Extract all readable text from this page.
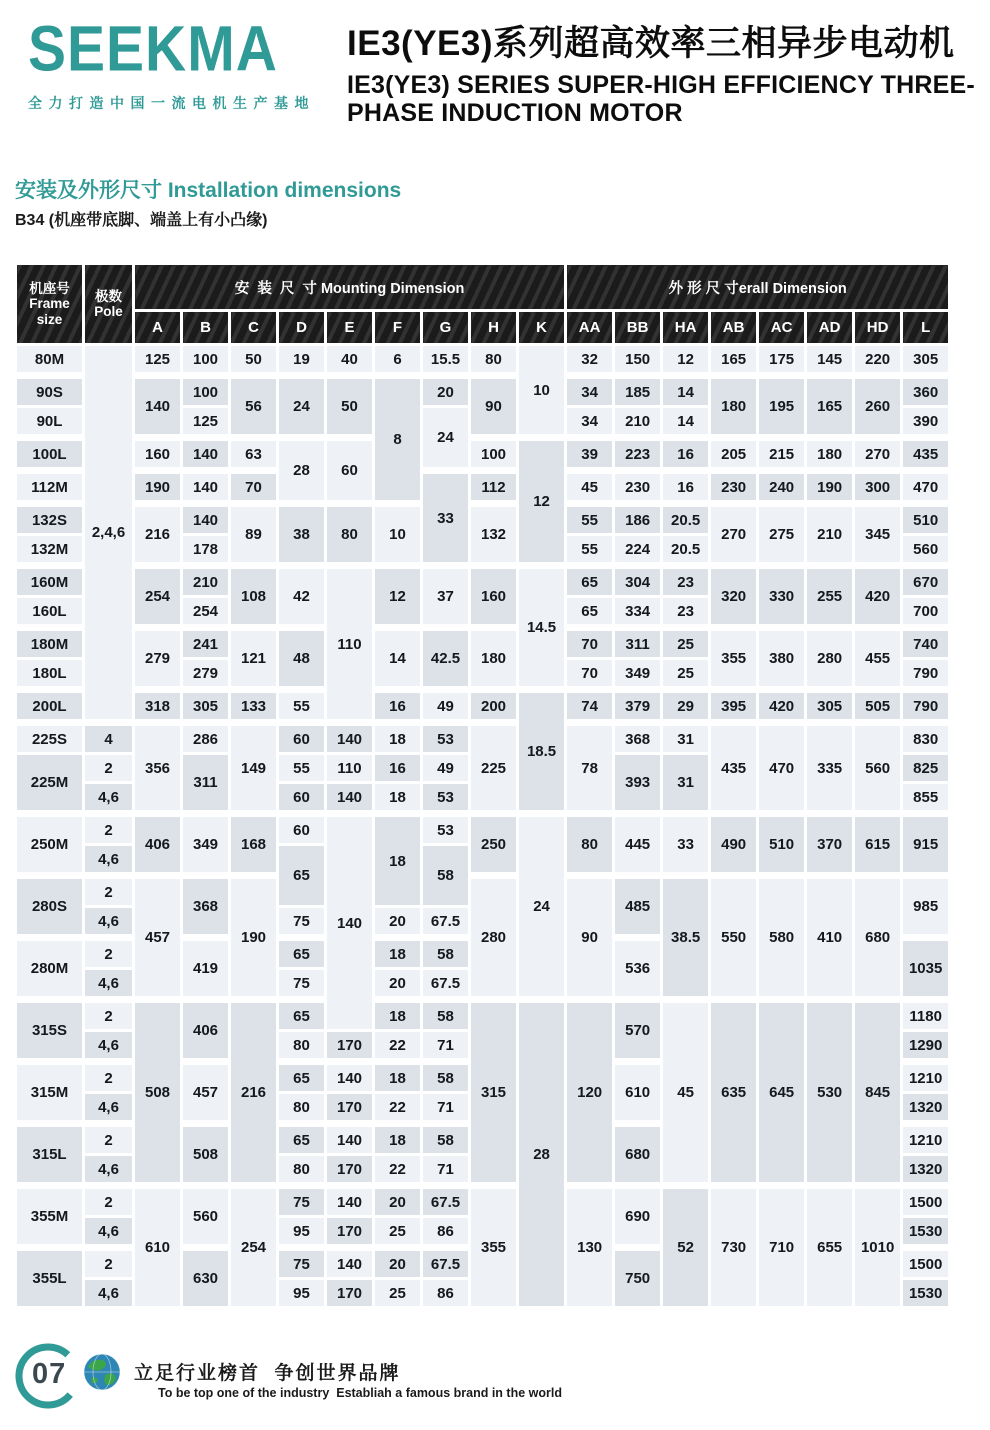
SEEKMA
全力打造中国一流电机生产基地
IE3(YE3)系列超高效率三相异步电动机
IE3(YE3) SERIES SUPER-HIGH EFFICIENCY THREE-
PHASE INDUCTION MOTOR
安装及外形尺寸 Installation dimensions
B34 (机座带底脚、端盖上有小凸缘)
机座号
Frame
size

极数
Pole
	安  装  尺  寸 Mounting Dimension	外 形 尺 寸erall Dimension
		A	B	C	D	E	F	G	H	K	AA	BB	HA	AB	AC	AD	HD	L
80M	2,4,6	125	100	50	19	40	6	15.5	80	10	32	150	12	165	175	145	220	305
90S		140	100	56	24	50	8	20	90		34	185	14	180	195	165	260	360
90L			125					24			34	210	14					390
100L		160	140	63	28	60			100	12	39	223	16	205	215	180	270	435
112M		190	140	70				33	112		45	230	16	230	240	190	300	470
132S		216	140	89	38	80	10		132		55	186	20.5	270	275	210	345	510
132M			178								55	224	20.5					560
160M		254	210	108	42	110	12	37	160	14.5	65	304	23	320	330	255	420	670
160L			254								65	334	23					700
180M		279	241	121	48		14	42.5	180		70	311	25	355	380	280	455	740
180L			279								70	349	25					790
200L		318	305	133	55		16	49	200	18.5	74	379	29	395	420	305	505	790
225S	4	356	286	149	60	140	18	53	225		78	368	31	435	470	335	560	830
225M	2		311		55	110	16	49				393	31					825
	4,6				60	140	18	53										855
250M	2	406	349	168	60	140	18	53	250	24	80	445	33	490	510	370	615	915
	4,6				65			58										
280S	2	457	368	190					280		90	485	38.5	550	580	410	680	985
	4,6				75		20	67.5										
280M	2		419		65		18	58				536						1035
	4,6				75		20	67.5										
315S	2	508	406	216	65		18	58	315	28	120	570	45	635	645	530	845	1180
	4,6				80	170	22	71										1290
315M	2		457		65	140	18	58				610						1210
	4,6				80	170	22	71										1320
315L	2		508		65	140	18	58				680						1210
	4,6				80	170	22	71										1320
355M	2	610	560	254	75	140	20	67.5	355		130	690	52	730	710	655	1010	1500
	4,6				95	170	25	86										1530
355L	2		630		75	140	20	67.5				750						1500
	4,6				95	170	25	86										1530
07	立足行业榜首  争创世界品牌
To be top one of the industry  Establiah a famous brand in the world
